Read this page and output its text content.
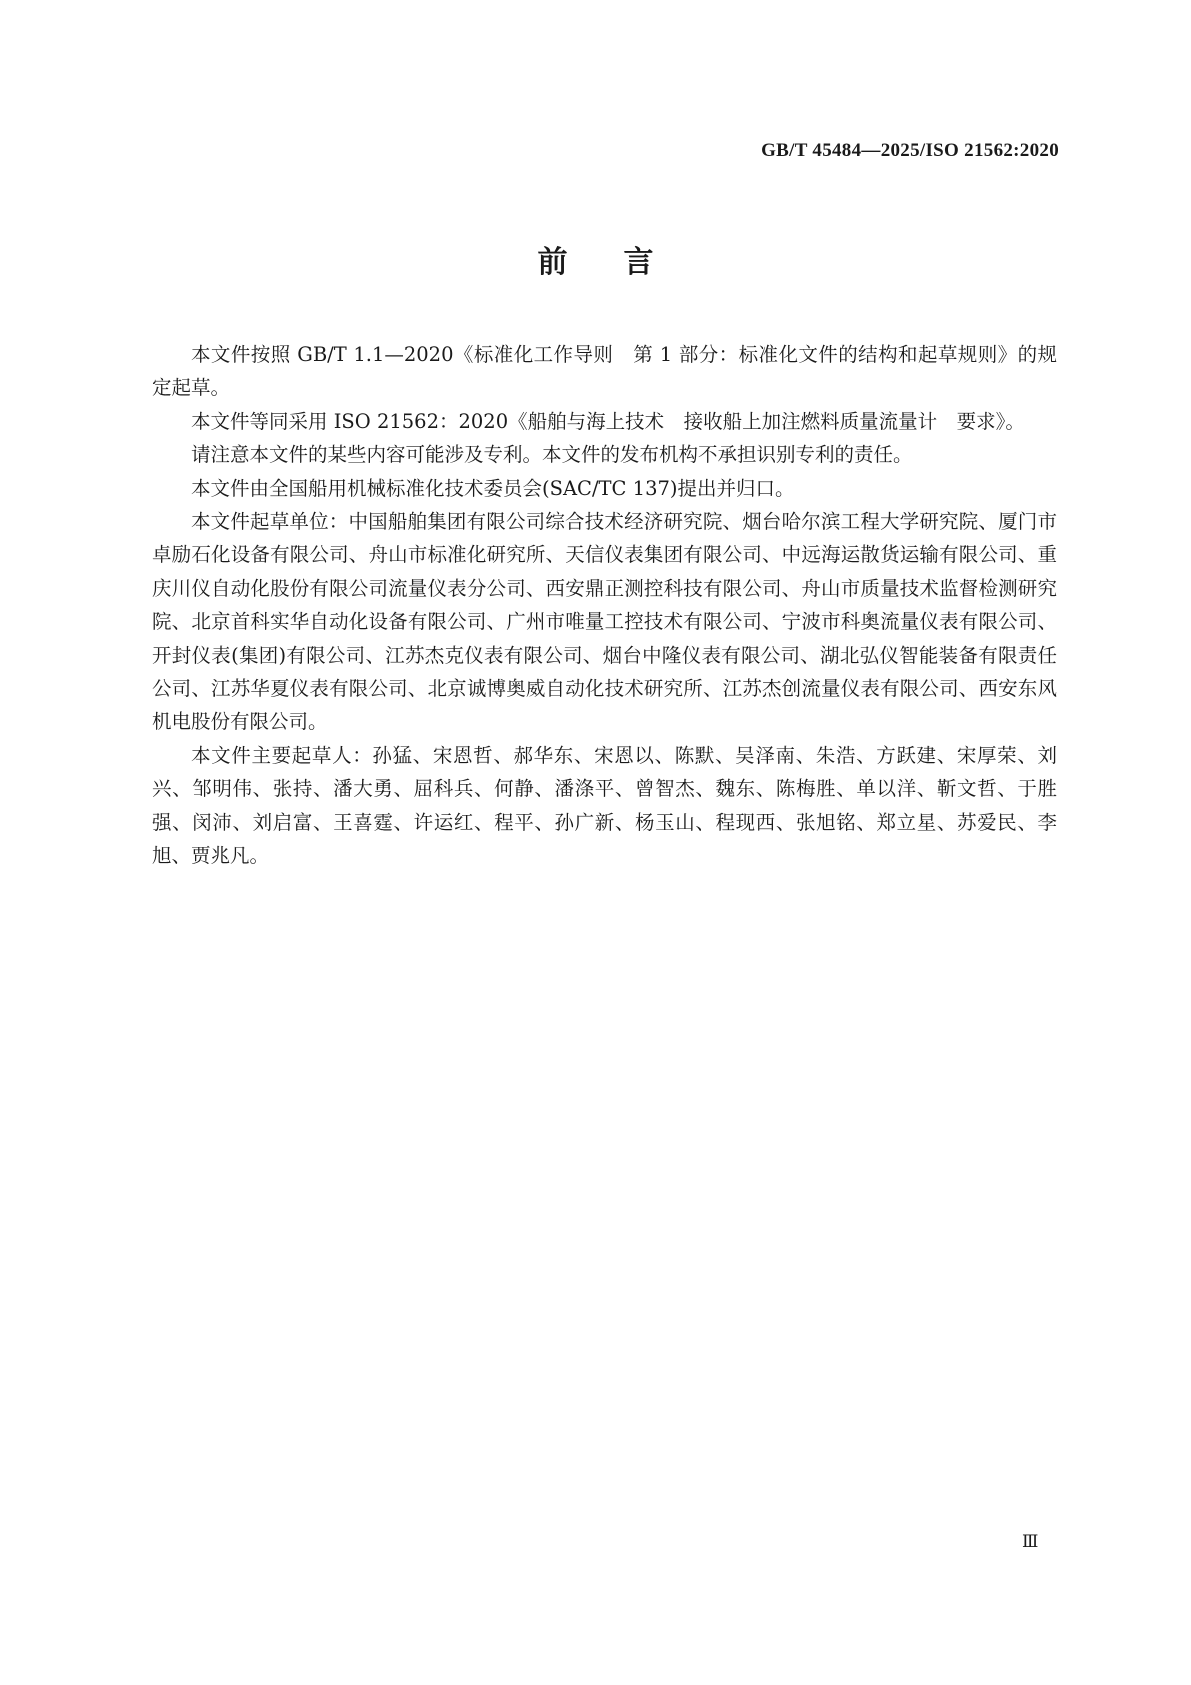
GB/T 45484—2025/ISO 21562:2020
前言

本文件按照 GB/T 1.1—2020《标准化工作导则　第 1 部分：标准化文件的结构和起草规则》的规定起草。

本文件等同采用 ISO 21562：2020《船舶与海上技术　接收船上加注燃料质量流量计　要求》。

请注意本文件的某些内容可能涉及专利。本文件的发布机构不承担识别专利的责任。

本文件由全国船用机械标准化技术委员会(SAC/TC 137)提出并归口。

本文件起草单位：中国船舶集团有限公司综合技术经济研究院、烟台哈尔滨工程大学研究院、厦门市卓励石化设备有限公司、舟山市标准化研究所、天信仪表集团有限公司、中远海运散货运输有限公司、重庆川仪自动化股份有限公司流量仪表分公司、西安鼎正测控科技有限公司、舟山市质量技术监督检测研究院、北京首科实华自动化设备有限公司、广州市唯量工控技术有限公司、宁波市科奥流量仪表有限公司、开封仪表(集团)有限公司、江苏杰克仪表有限公司、烟台中隆仪表有限公司、湖北弘仪智能装备有限责任公司、江苏华夏仪表有限公司、北京诚博奥威自动化技术研究所、江苏杰创流量仪表有限公司、西安东风机电股份有限公司。

本文件主要起草人：孙猛、宋恩哲、郝华东、宋恩以、陈默、吴泽南、朱浩、方跃建、宋厚荣、刘兴、邹明伟、张持、潘大勇、屈科兵、何静、潘涤平、曾智杰、魏东、陈梅胜、单以洋、靳文哲、于胜强、闵沛、刘启富、王喜霆、许运红、程平、孙广新、杨玉山、程现西、张旭铭、郑立星、苏爱民、李旭、贾兆凡。

Ⅲ
